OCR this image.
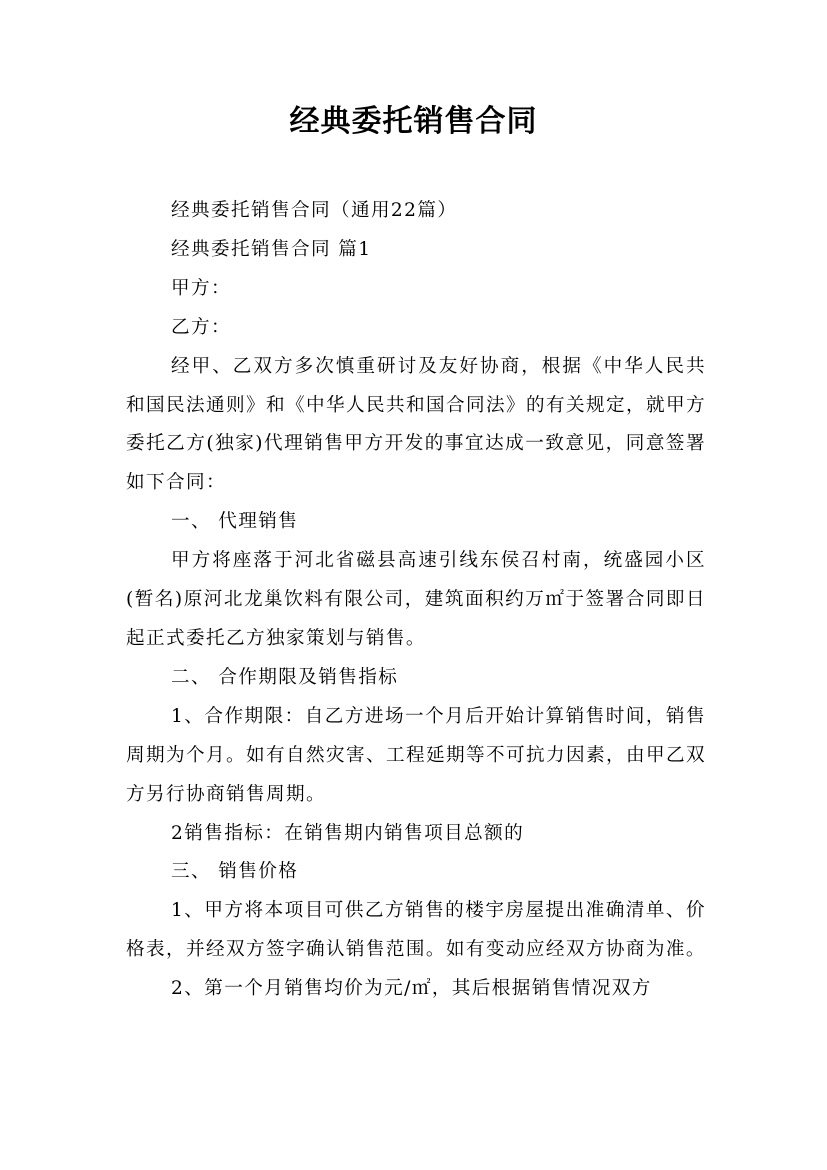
经典委托销售合同

经典委托销售合同（通用22篇）

经典委托销售合同 篇1

甲方：

乙方：

经甲、乙双方多次慎重研讨及友好协商，根据《中华人民共和国民法通则》和《中华人民共和国合同法》的有关规定，就甲方委托乙方(独家)代理销售甲方开发的事宜达成一致意见，同意签署如下合同：

一、 代理销售

甲方将座落于河北省磁县高速引线东侯召村南，统盛园小区(暂名)原河北龙巢饮料有限公司，建筑面积约万㎡于签署合同即日起正式委托乙方独家策划与销售。

二、 合作期限及销售指标

1、合作期限：自乙方进场一个月后开始计算销售时间，销售周期为个月。如有自然灾害、工程延期等不可抗力因素，由甲乙双方另行协商销售周期。

2销售指标：在销售期内销售项目总额的

三、 销售价格

1、甲方将本项目可供乙方销售的楼宇房屋提出准确清单、价格表，并经双方签字确认销售范围。如有变动应经双方协商为准。

2、第一个月销售均价为元/㎡，其后根据销售情况双方
